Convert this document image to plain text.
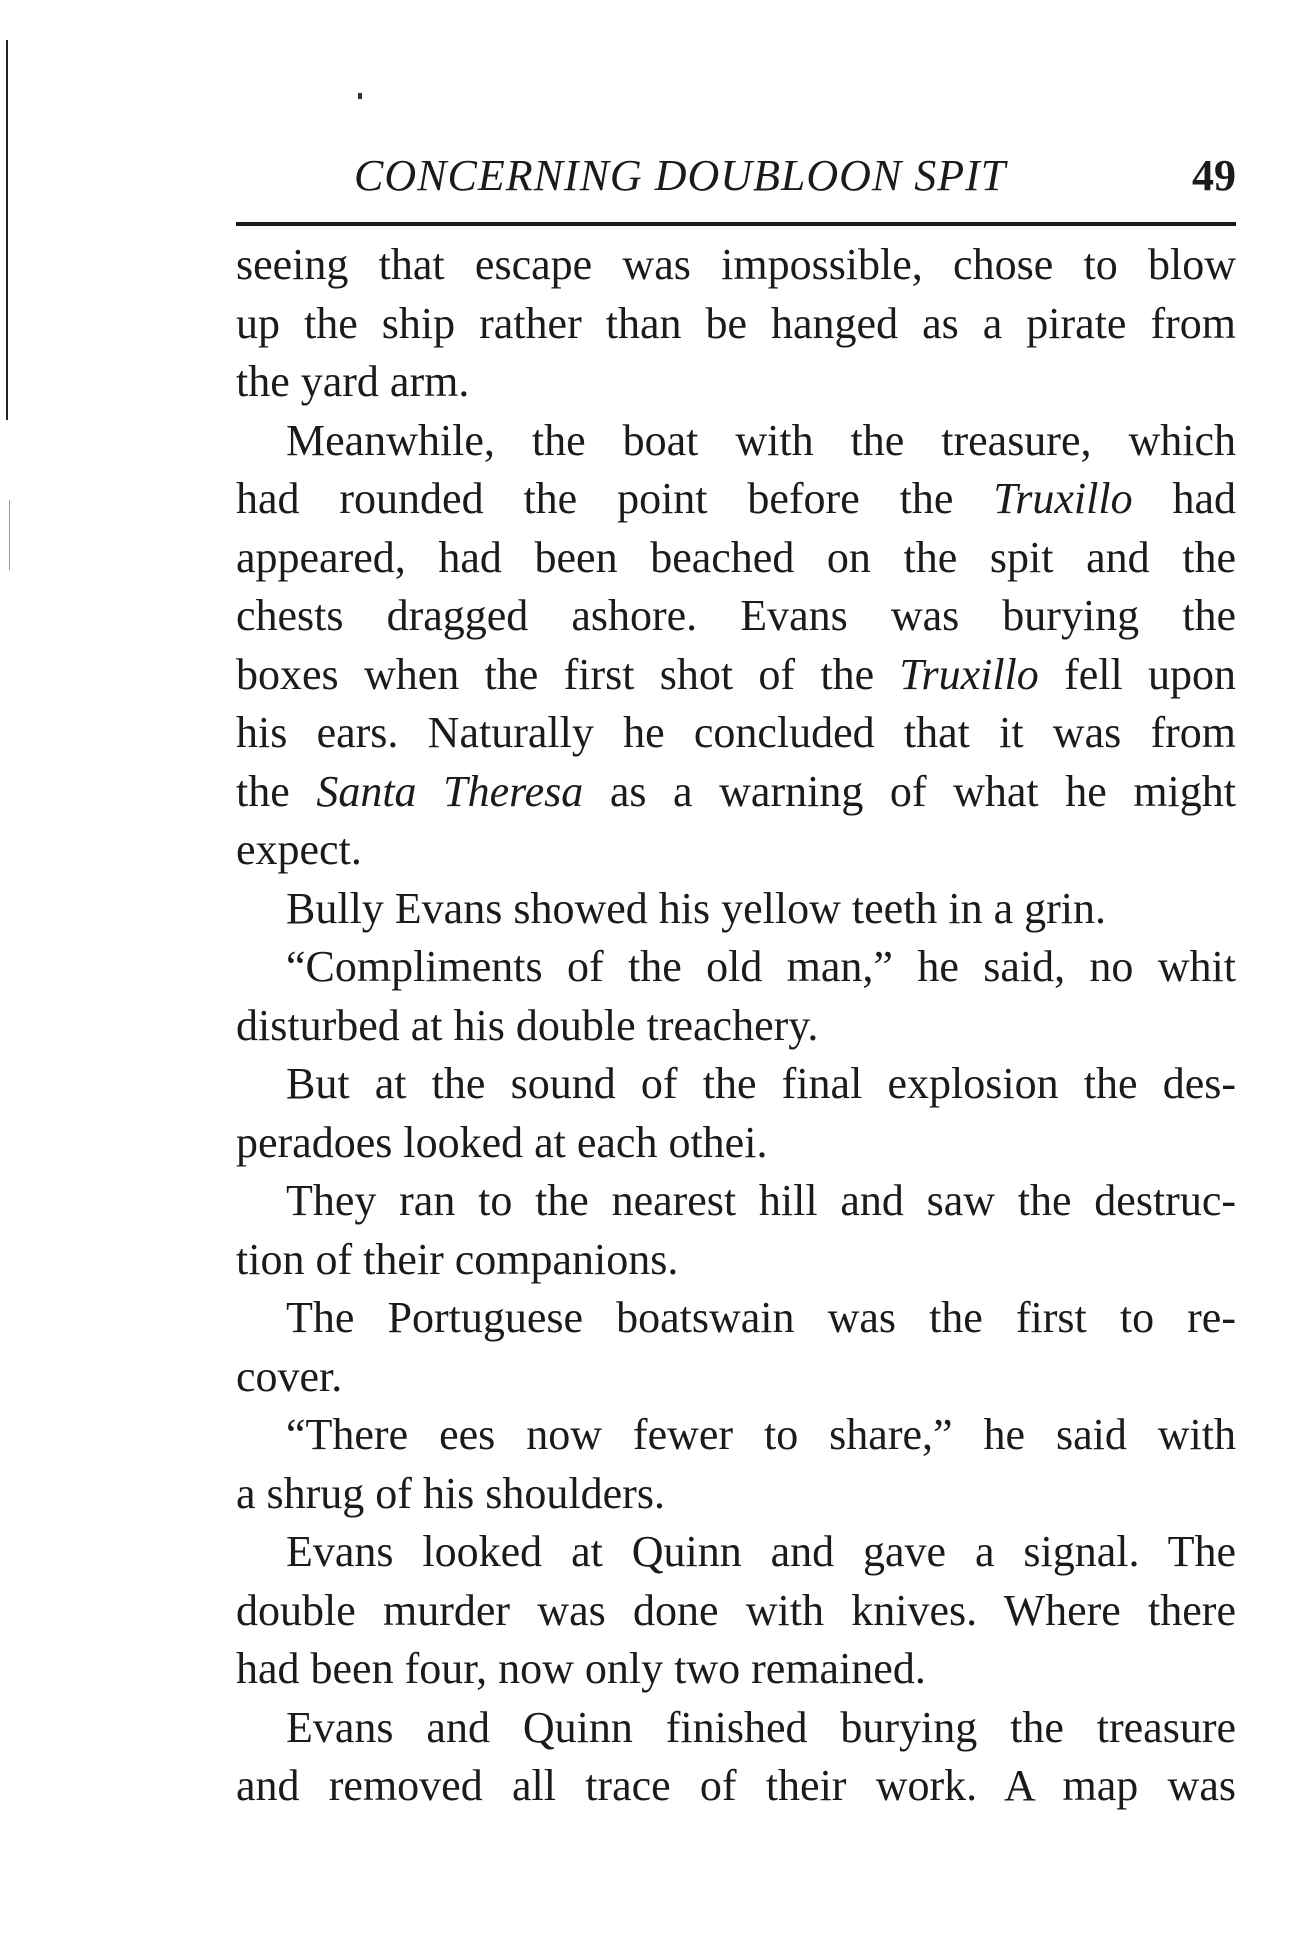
CONCERNING DOUBLOON SPIT	49
seeing that escape was impossible, chose to blow
up the ship rather than be hanged as a pirate from
the yard arm.
Meanwhile, the boat with the treasure, which
had rounded the point before the Truxillo had
appeared, had been beached on the spit and the
chests dragged ashore. Evans was burying the
boxes when the first shot of the Truxillo fell upon
his ears. Naturally he concluded that it was from
the Santa Theresa as a warning of what he might
expect.
Bully Evans showed his yellow teeth in a grin.
“Compliments of the old man,” he said, no whit
disturbed at his double treachery.
But at the sound of the final explosion the des-
peradoes looked at each othei.
They ran to the nearest hill and saw the destruc-
tion of their companions.
The Portuguese boatswain was the first to re-
cover.
“There ees now fewer to share,” he said with
a shrug of his shoulders.
Evans looked at Quinn and gave a signal. The
double murder was done with knives. Where there
had been four, now only two remained.
Evans and Quinn finished burying the treasure
and removed all trace of their work. A map was
